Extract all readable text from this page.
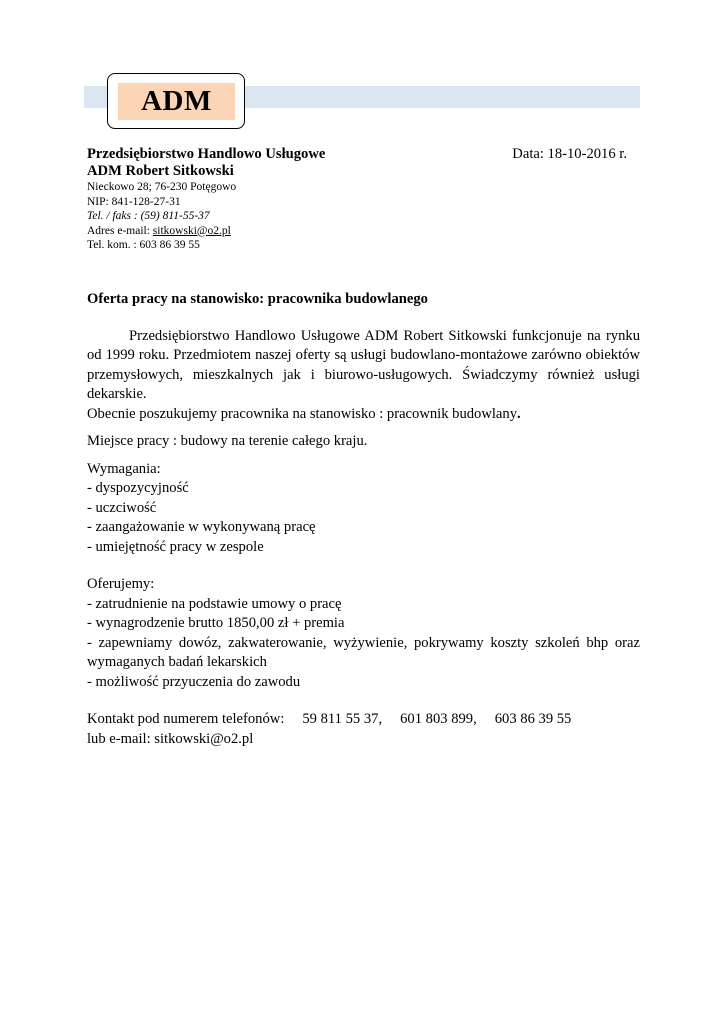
ADM
Przedsiębiorstwo Handlowo Usługowe	Data: 18-10-2016 r.
ADM Robert Sitkowski
Nieckowo 28; 76-230 Potęgowo
NIP: 841-128-27-31
Tel. / faks : (59) 811-55-37
Adres e-mail: sitkowski@o2.pl
Tel. kom. : 603 86 39 55

Oferta pracy na stanowisko: pracownika budowlanego

Przedsiębiorstwo Handlowo Usługowe ADM Robert Sitkowski funkcjonuje na rynku od 1999 roku. Przedmiotem naszej oferty są usługi budowlano-montażowe zarówno obiektów przemysłowych, mieszkalnych jak i biurowo-usługowych. Świadczymy również usługi dekarskie.

Obecnie poszukujemy pracownika na stanowisko : pracownik budowlany.

Miejsce pracy : budowy na terenie całego kraju.

Wymagania:

- dyspozycyjność

- uczciwość

- zaangażowanie w wykonywaną pracę

- umiejętność pracy w zespole

Oferujemy:

- zatrudnienie na podstawie umowy o pracę

- wynagrodzenie brutto 1850,00 zł + premia

- zapewniamy dowóz, zakwaterowanie, wyżywienie, pokrywamy koszty szkoleń bhp oraz wymaganych badań lekarskich

- możliwość przyuczenia do zawodu

Kontakt pod numerem telefonów: 59 811 55 37, 601 803 899, 603 86 39 55

lub e-mail: sitkowski@o2.pl
